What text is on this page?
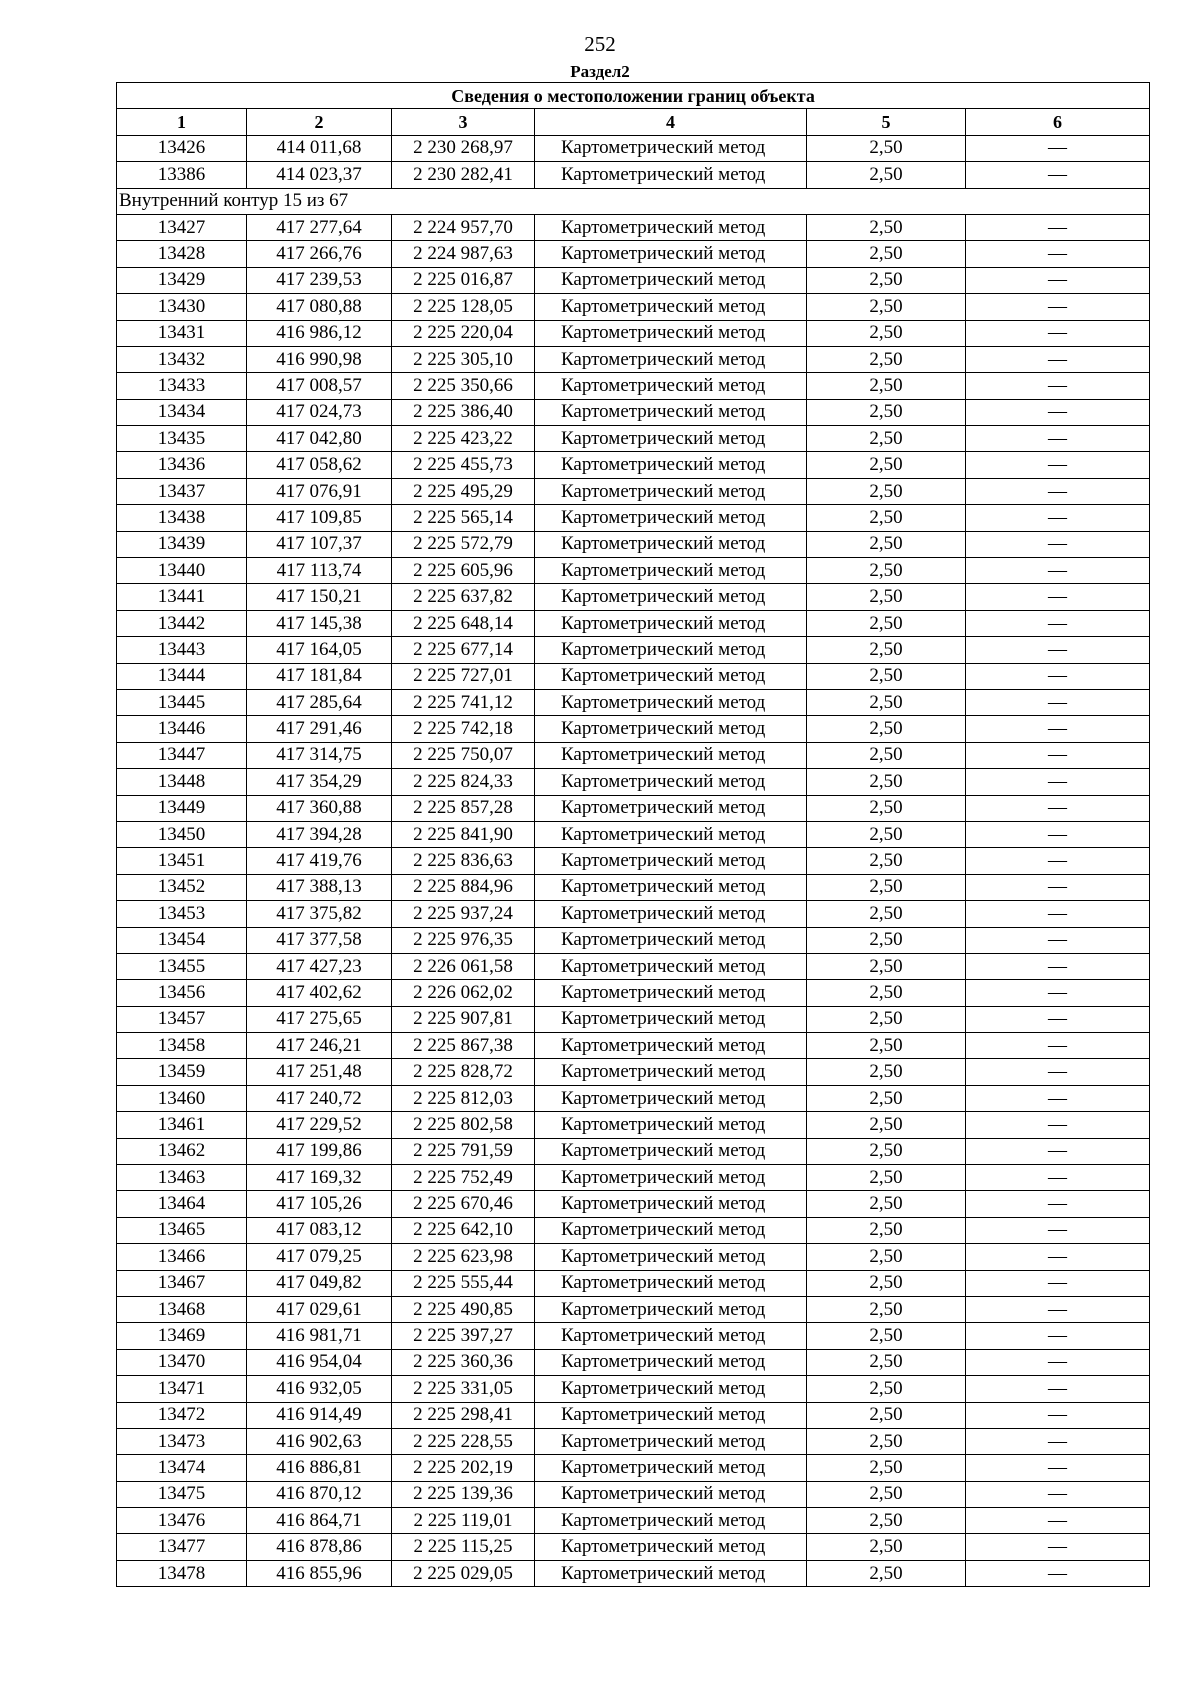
252
Раздел2
Сведения о местоположении границ объекта					
1	2	3	4	5	6
13426	414 011,68	2 230 268,97	Картометрический метод	2,50	—
13386	414 023,37	2 230 282,41	Картометрический метод	2,50	—
Внутренний контур 15 из 67					
13427	417 277,64	2 224 957,70	Картометрический метод	2,50	—
13428	417 266,76	2 224 987,63	Картометрический метод	2,50	—
13429	417 239,53	2 225 016,87	Картометрический метод	2,50	—
13430	417 080,88	2 225 128,05	Картометрический метод	2,50	—
13431	416 986,12	2 225 220,04	Картометрический метод	2,50	—
13432	416 990,98	2 225 305,10	Картометрический метод	2,50	—
13433	417 008,57	2 225 350,66	Картометрический метод	2,50	—
13434	417 024,73	2 225 386,40	Картометрический метод	2,50	—
13435	417 042,80	2 225 423,22	Картометрический метод	2,50	—
13436	417 058,62	2 225 455,73	Картометрический метод	2,50	—
13437	417 076,91	2 225 495,29	Картометрический метод	2,50	—
13438	417 109,85	2 225 565,14	Картометрический метод	2,50	—
13439	417 107,37	2 225 572,79	Картометрический метод	2,50	—
13440	417 113,74	2 225 605,96	Картометрический метод	2,50	—
13441	417 150,21	2 225 637,82	Картометрический метод	2,50	—
13442	417 145,38	2 225 648,14	Картометрический метод	2,50	—
13443	417 164,05	2 225 677,14	Картометрический метод	2,50	—
13444	417 181,84	2 225 727,01	Картометрический метод	2,50	—
13445	417 285,64	2 225 741,12	Картометрический метод	2,50	—
13446	417 291,46	2 225 742,18	Картометрический метод	2,50	—
13447	417 314,75	2 225 750,07	Картометрический метод	2,50	—
13448	417 354,29	2 225 824,33	Картометрический метод	2,50	—
13449	417 360,88	2 225 857,28	Картометрический метод	2,50	—
13450	417 394,28	2 225 841,90	Картометрический метод	2,50	—
13451	417 419,76	2 225 836,63	Картометрический метод	2,50	—
13452	417 388,13	2 225 884,96	Картометрический метод	2,50	—
13453	417 375,82	2 225 937,24	Картометрический метод	2,50	—
13454	417 377,58	2 225 976,35	Картометрический метод	2,50	—
13455	417 427,23	2 226 061,58	Картометрический метод	2,50	—
13456	417 402,62	2 226 062,02	Картометрический метод	2,50	—
13457	417 275,65	2 225 907,81	Картометрический метод	2,50	—
13458	417 246,21	2 225 867,38	Картометрический метод	2,50	—
13459	417 251,48	2 225 828,72	Картометрический метод	2,50	—
13460	417 240,72	2 225 812,03	Картометрический метод	2,50	—
13461	417 229,52	2 225 802,58	Картометрический метод	2,50	—
13462	417 199,86	2 225 791,59	Картометрический метод	2,50	—
13463	417 169,32	2 225 752,49	Картометрический метод	2,50	—
13464	417 105,26	2 225 670,46	Картометрический метод	2,50	—
13465	417 083,12	2 225 642,10	Картометрический метод	2,50	—
13466	417 079,25	2 225 623,98	Картометрический метод	2,50	—
13467	417 049,82	2 225 555,44	Картометрический метод	2,50	—
13468	417 029,61	2 225 490,85	Картометрический метод	2,50	—
13469	416 981,71	2 225 397,27	Картометрический метод	2,50	—
13470	416 954,04	2 225 360,36	Картометрический метод	2,50	—
13471	416 932,05	2 225 331,05	Картометрический метод	2,50	—
13472	416 914,49	2 225 298,41	Картометрический метод	2,50	—
13473	416 902,63	2 225 228,55	Картометрический метод	2,50	—
13474	416 886,81	2 225 202,19	Картометрический метод	2,50	—
13475	416 870,12	2 225 139,36	Картометрический метод	2,50	—
13476	416 864,71	2 225 119,01	Картометрический метод	2,50	—
13477	416 878,86	2 225 115,25	Картометрический метод	2,50	—
13478	416 855,96	2 225 029,05	Картометрический метод	2,50	—
